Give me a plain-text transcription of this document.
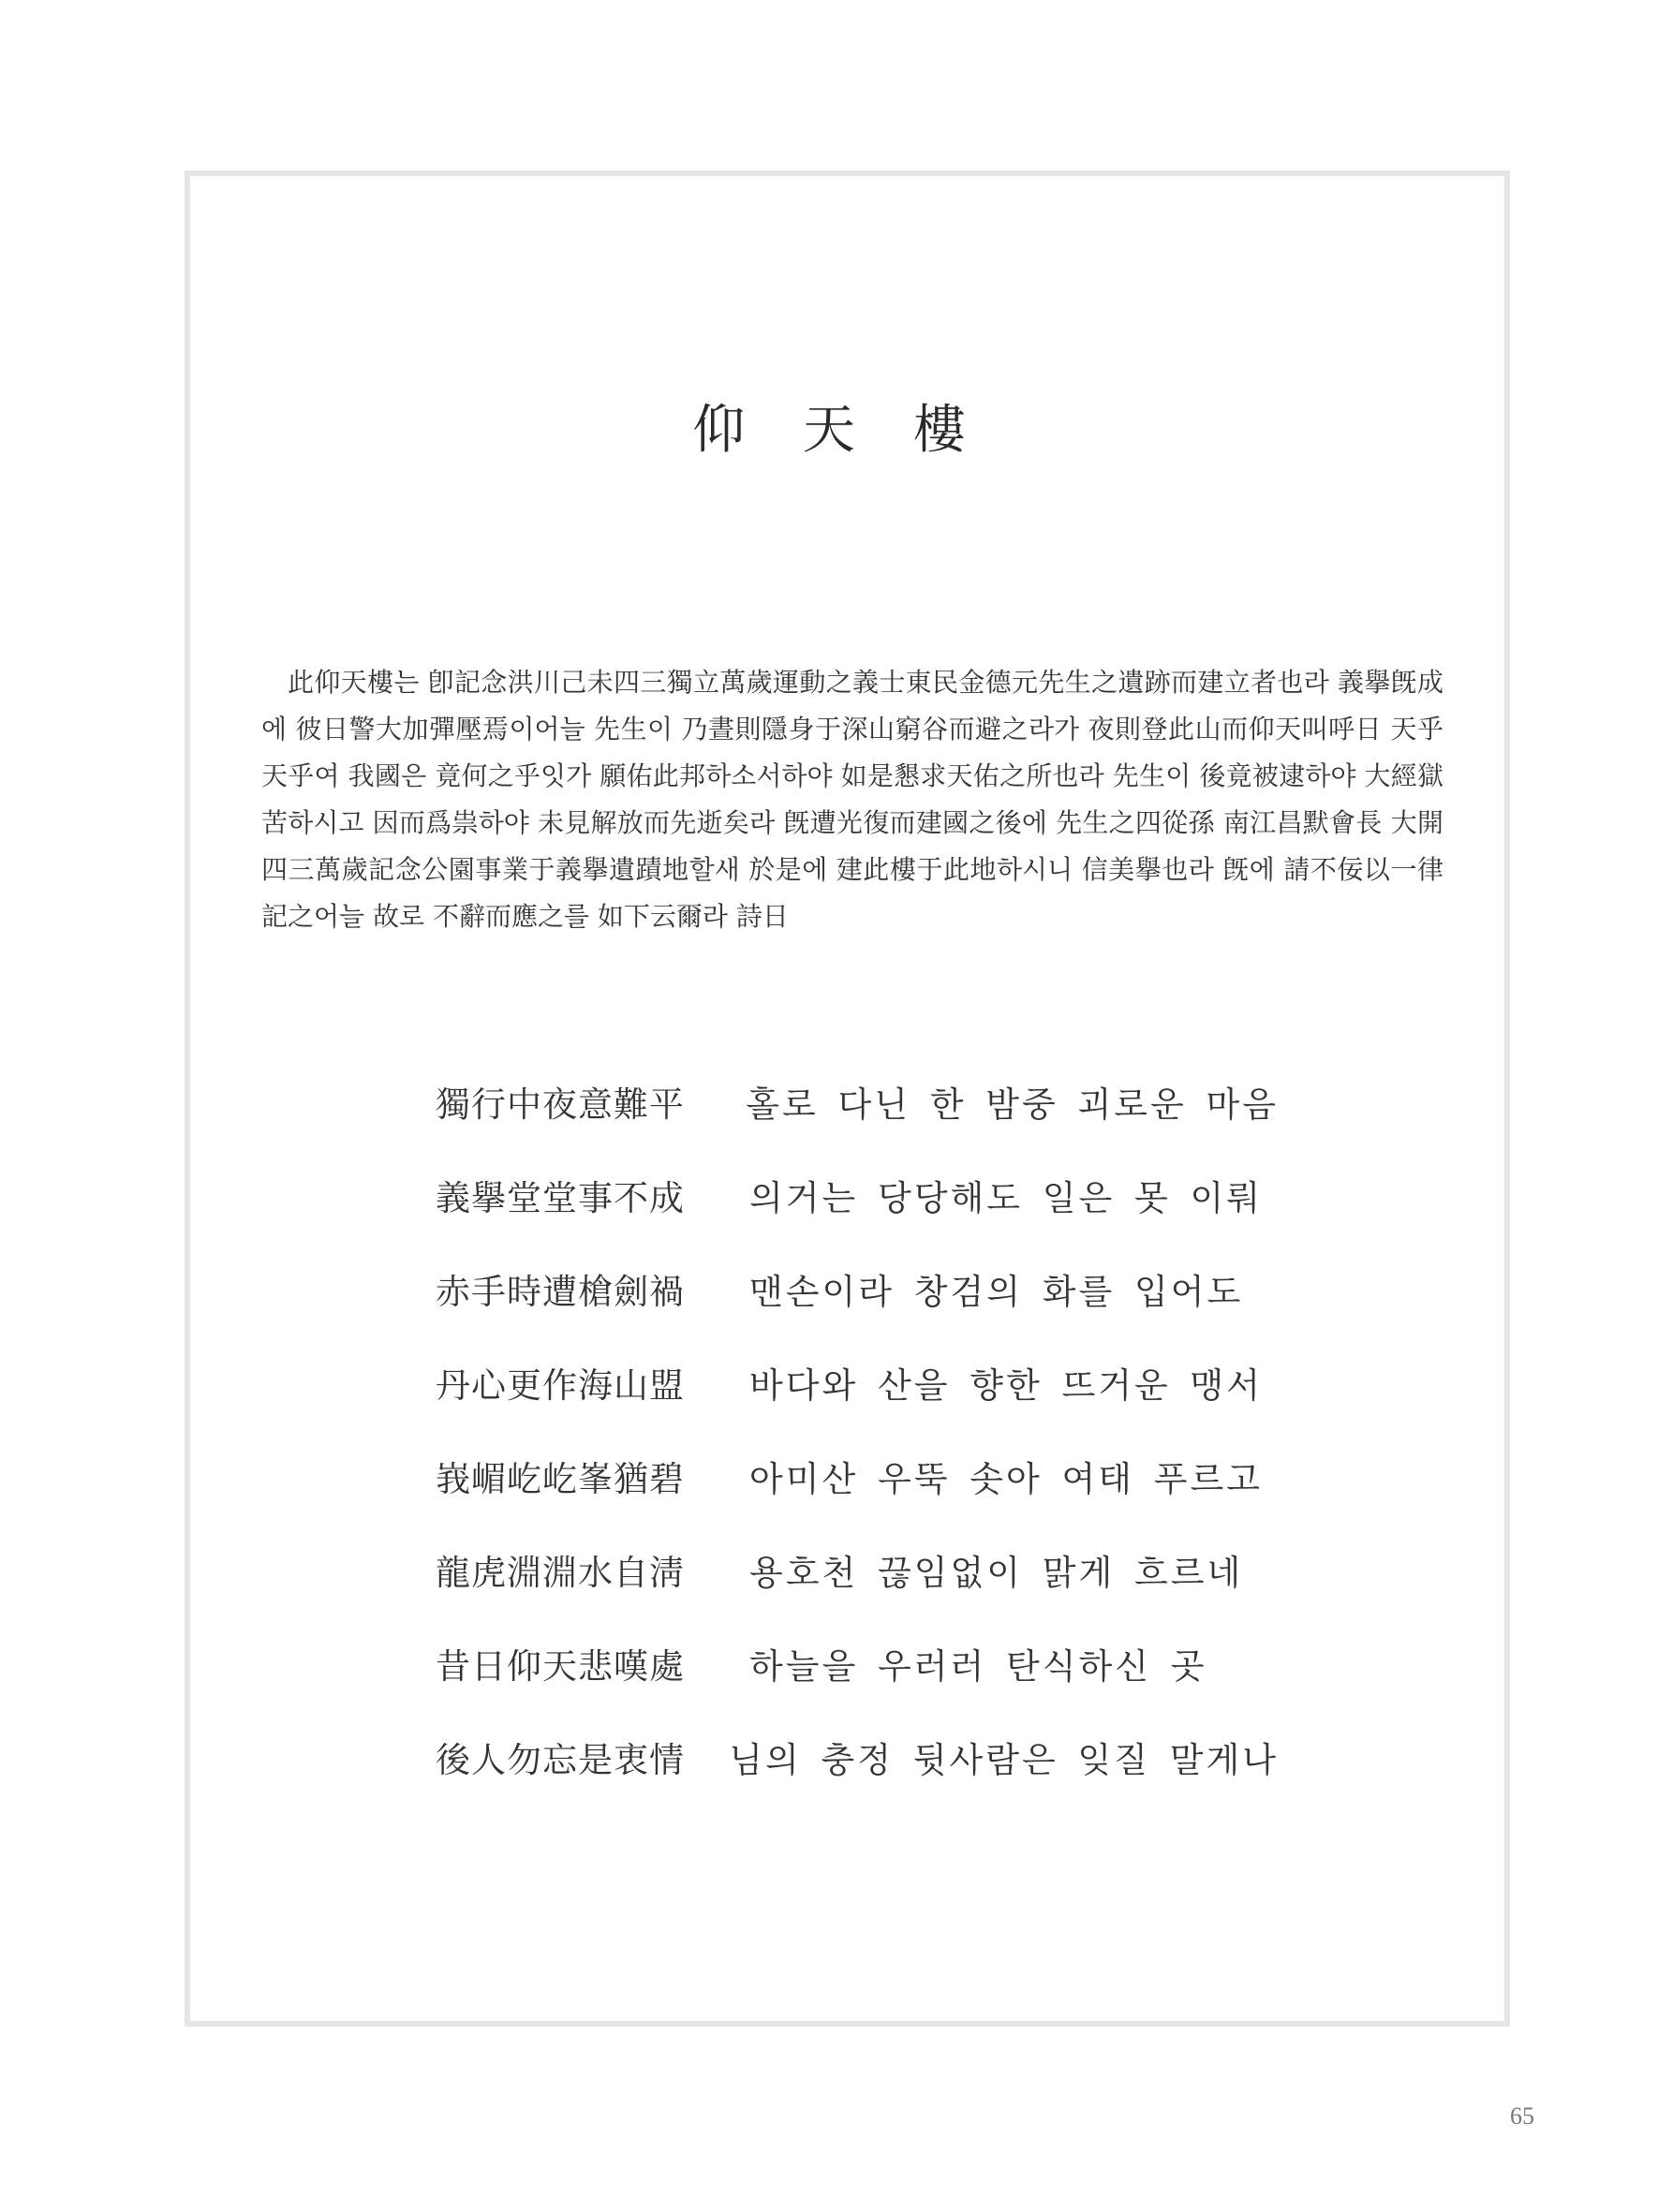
仰 天 樓
此仰天樓는 卽記念洪川己未四三獨立萬歲運動之義士東民金德元先生之遺跡而建立者也라 義擧旣成에 彼日警大加彈壓焉이어늘 先生이 乃晝則隱身于深山窮谷而避之라가 夜則登此山而仰天叫呼日 天乎天乎여 我國은 竟何之乎잇가 願佑此邦하소서하야 如是懇求天佑之所也라 先生이 後竟被逮하야 大經獄苦하시고 因而爲祟하야 未見解放而先逝矣라 旣遭光復而建國之後에 先生之四從孫 南江昌默會長 大開四三萬歲記念公園事業于義擧遺蹟地할새 於是에 建此樓于此地하시니 信美擧也라 旣에 請不佞以一律記之어늘 故로 不辭而應之를 如下云爾라 詩日
獨行中夜意難平	홀로 다닌 한 밤중 괴로운 마음
義擧堂堂事不成	의거는 당당해도 일은 못 이뤄
赤手時遭槍劍禍	맨손이라 창검의 화를 입어도
丹心更作海山盟	바다와 산을 향한 뜨거운 맹서
峩嵋屹屹峯猶碧	아미산 우뚝 솟아 여태 푸르고
龍虎淵淵水自淸	용호천 끊임없이 맑게 흐르네
昔日仰天悲嘆處	하늘을 우러러 탄식하신 곳
後人勿忘是衷情	님의 충정 뒷사람은 잊질 말게나
65
